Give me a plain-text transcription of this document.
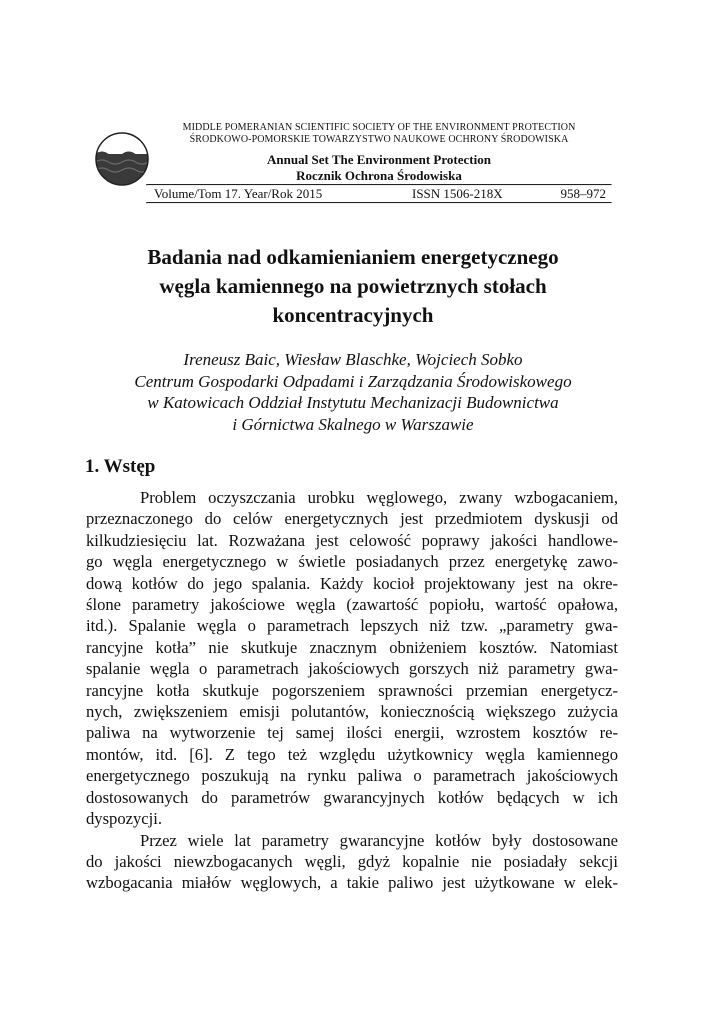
MIDDLE POMERANIAN SCIENTIFIC SOCIETY OF THE ENVIRONMENT PROTECTION
ŚRODKOWO-POMORSKIE TOWARZYSTWO NAUKOWE OCHRONY ŚRODOWISKA
Annual Set The Environment Protection
Rocznik Ochrona Środowiska
Volume/Tom 17. Year/Rok 2015	ISSN 1506-218X	958–972
Badania nad odkamienianiem energetycznego
węgla kamiennego na powietrznych stołach
koncentracyjnych
Ireneusz Baic, Wiesław Blaschke, Wojciech Sobko
Centrum Gospodarki Odpadami i Zarządzania Środowiskowego
w Katowicach Oddział Instytutu Mechanizacji Budownictwa
i Górnictwa Skalnego w Warszawie
1. Wstęp
Problem oczyszczania urobku węglowego, zwany wzbogacaniem,
przeznaczonego do celów energetycznych jest przedmiotem dyskusji od
kilkudziesięciu lat. Rozważana jest celowość poprawy jakości handlowe-
go węgla energetycznego w świetle posiadanych przez energetykę zawo-
dową kotłów do jego spalania. Każdy kocioł projektowany jest na okre-
ślone parametry jakościowe węgla (zawartość popiołu, wartość opałowa,
itd.). Spalanie węgla o parametrach lepszych niż tzw. „parametry gwa-
rancyjne kotła” nie skutkuje znacznym obniżeniem kosztów. Natomiast
spalanie węgla o parametrach jakościowych gorszych niż parametry gwa-
rancyjne kotła skutkuje pogorszeniem sprawności przemian energetycz-
nych, zwiększeniem emisji polutantów, koniecznością większego zużycia
paliwa na wytworzenie tej samej ilości energii, wzrostem kosztów re-
montów, itd. [6]. Z tego też względu użytkownicy węgla kamiennego
energetycznego poszukują na rynku paliwa o parametrach jakościowych
dostosowanych do parametrów gwarancyjnych kotłów będących w ich
dyspozycji.
Przez wiele lat parametry gwarancyjne kotłów były dostosowane
do jakości niewzbogacanych węgli, gdyż kopalnie nie posiadały sekcji
wzbogacania miałów węglowych, a takie paliwo jest użytkowane w elek-
